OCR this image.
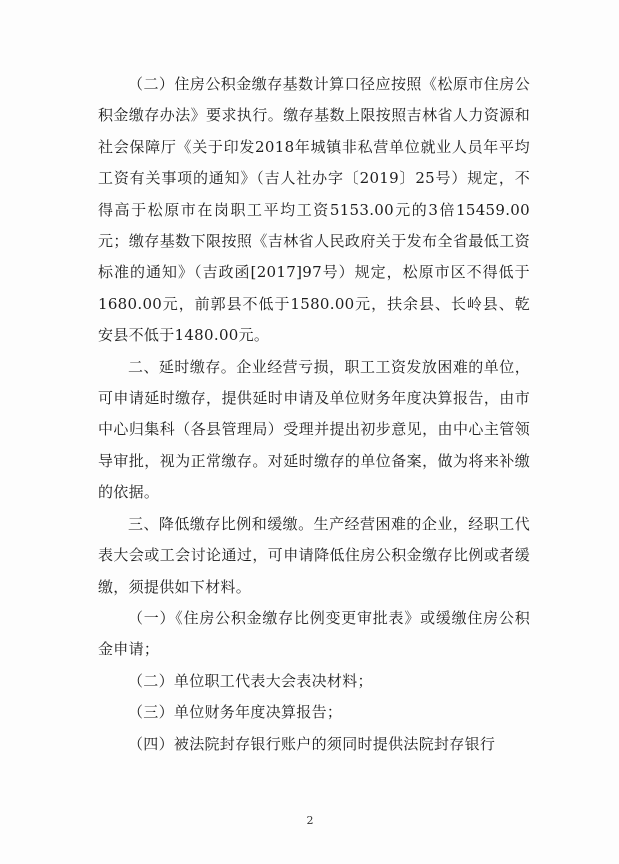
（二）住房公积金缴存基数计算口径应按照《松原市住房公积金缴存办法》要求执行。缴存基数上限按照吉林省人力资源和社会保障厅《关于印发2018年城镇非私营单位就业人员年平均工资有关事项的通知》（吉人社办字〔2019〕25号）规定，不得高于松原市在岗职工平均工资5153.00元的3倍15459.00元；缴存基数下限按照《吉林省人民政府关于发布全省最低工资标准的通知》（吉政函[2017]97号）规定，松原市区不得低于1680.00元，前郭县不低于1580.00元，扶余县、长岭县、乾安县不低于1480.00元。

二、延时缴存。企业经营亏损，职工工资发放困难的单位，可申请延时缴存，提供延时申请及单位财务年度决算报告，由市中心归集科（各县管理局）受理并提出初步意见，由中心主管领导审批，视为正常缴存。对延时缴存的单位备案，做为将来补缴的依据。

三、降低缴存比例和缓缴。生产经营困难的企业，经职工代表大会或工会讨论通过，可申请降低住房公积金缴存比例或者缓缴，须提供如下材料。

（一）《住房公积金缴存比例变更审批表》或缓缴住房公积金申请；

（二）单位职工代表大会表决材料；

（三）单位财务年度决算报告；

（四）被法院封存银行账户的须同时提供法院封存银行

2
